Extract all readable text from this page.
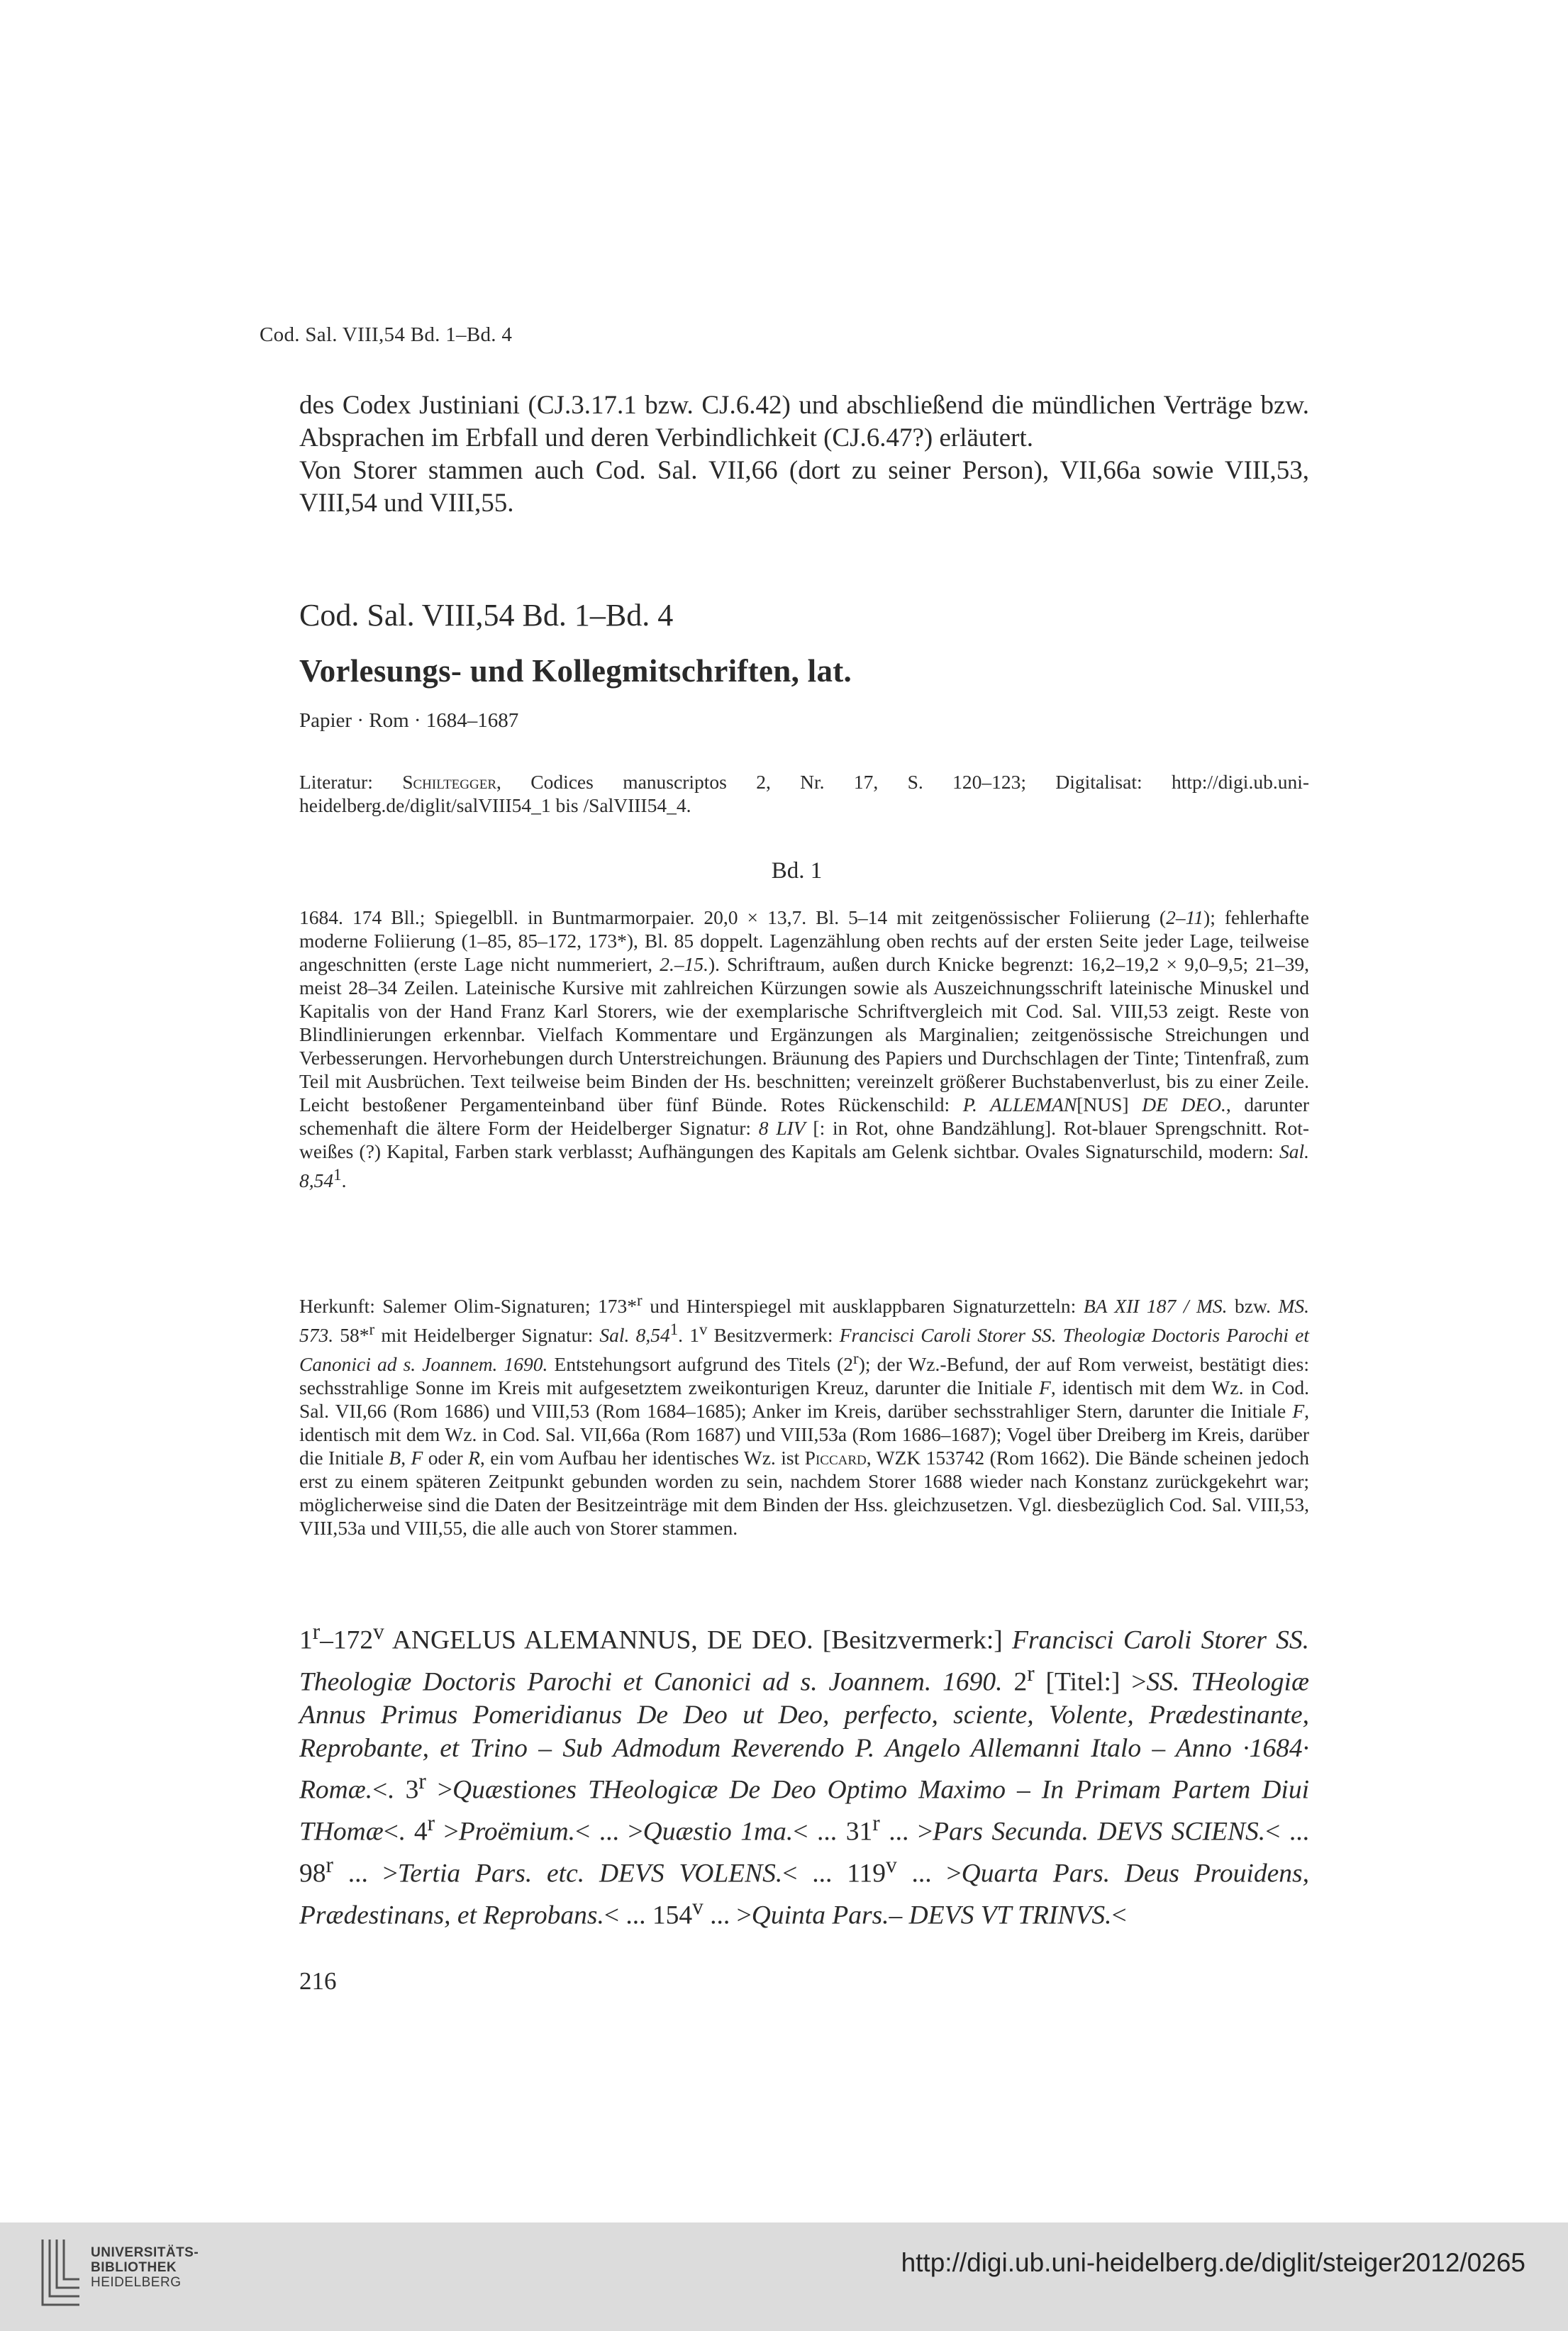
Cod. Sal. VIII,54 Bd. 1–Bd. 4

des Codex Justiniani (CJ.3.17.1 bzw. CJ.6.42) und abschließend die mündlichen Verträge bzw. Absprachen im Erbfall und deren Verbindlichkeit (CJ.6.47?) erläutert.

Von Storer stammen auch Cod. Sal. VII,66 (dort zu seiner Person), VII,66a sowie VIII,53, VIII,54 und VIII,55.

Cod. Sal. VIII,54 Bd. 1–Bd. 4
Vorlesungs- und Kollegmitschriften, lat.
Papier · Rom · 1684–1687
Literatur: Schiltegger, Codices manuscriptos 2, Nr. 17, S. 120–123; Digitalisat: http://digi.ub.uni-heidelberg.de/diglit/salVIII54_1 bis /SalVIII54_4.
Bd. 1
1684. 174 Bll.; Spiegelbll. in Buntmarmorpaier. 20,0 × 13,7. Bl. 5–14 mit zeitgenössischer Foliierung (2–11); fehlerhafte moderne Foliierung (1–85, 85–172, 173*), Bl. 85 doppelt. Lagenzählung oben rechts auf der ersten Seite jeder Lage, teilweise angeschnitten (erste Lage nicht nummeriert, 2.–15.). Schriftraum, außen durch Knicke begrenzt: 16,2–19,2 × 9,0–9,5; 21–39, meist 28–34 Zeilen. Lateinische Kursive mit zahlreichen Kürzungen sowie als Auszeichnungsschrift lateinische Minuskel und Kapitalis von der Hand Franz Karl Storers, wie der exemplarische Schriftvergleich mit Cod. Sal. VIII,53 zeigt. Reste von Blindlinierungen erkennbar. Vielfach Kommentare und Ergänzungen als Marginalien; zeitgenössische Streichungen und Verbesserungen. Hervorhebungen durch Unterstreichungen. Bräunung des Papiers und Durchschlagen der Tinte; Tintenfraß, zum Teil mit Ausbrüchen. Text teilweise beim Binden der Hs. beschnitten; vereinzelt größerer Buchstabenverlust, bis zu einer Zeile. Leicht bestoßener Pergamenteinband über fünf Bünde. Rotes Rückenschild: P. ALLEMAN[NUS] DE DEO., darunter schemenhaft die ältere Form der Heidelberger Signatur: 8 LIV [: in Rot, ohne Bandzählung]. Rot-blauer Sprengschnitt. Rot-weißes (?) Kapital, Farben stark verblasst; Aufhängungen des Kapitals am Gelenk sichtbar. Ovales Signaturschild, modern: Sal. 8,54$^1$.
Herkunft: Salemer Olim-Signaturen; 173*$^r$ und Hinterspiegel mit ausklappbaren Signaturzetteln: BA XII 187 / MS. bzw. MS. 573. 58*$^r$ mit Heidelberger Signatur: Sal. 8,54$^1$. 1$^v$ Besitzvermerk: Francisci Caroli Storer SS. Theologiæ Doctoris Parochi et Canonici ad s. Joannem. 1690. Entstehungsort aufgrund des Titels (2$^r$); der Wz.-Befund, der auf Rom verweist, bestätigt dies: sechsstrahlige Sonne im Kreis mit aufgesetztem zweikonturigen Kreuz, darunter die Initiale F, identisch mit dem Wz. in Cod. Sal. VII,66 (Rom 1686) und VIII,53 (Rom 1684–1685); Anker im Kreis, darüber sechsstrahliger Stern, darunter die Initiale F, identisch mit dem Wz. in Cod. Sal. VII,66a (Rom 1687) und VIII,53a (Rom 1686–1687); Vogel über Dreiberg im Kreis, darüber die Initiale B, F oder R, ein vom Aufbau her identisches Wz. ist Piccard, WZK 153742 (Rom 1662). Die Bände scheinen jedoch erst zu einem späteren Zeitpunkt gebunden worden zu sein, nachdem Storer 1688 wieder nach Konstanz zurückgekehrt war; möglicherweise sind die Daten der Besitzeinträge mit dem Binden der Hss. gleichzusetzen. Vgl. diesbezüglich Cod. Sal. VIII,53, VIII,53a und VIII,55, die alle auch von Storer stammen.
1$^r$–172$^v$ ANGELUS ALEMANNUS, DE DEO. [Besitzvermerk:] Francisci Caroli Storer SS. Theologiæ Doctoris Parochi et Canonici ad s. Joannem. 1690. 2$^r$ [Titel:] >SS. THeologiæ Annus Primus Pomeridianus De Deo ut Deo, perfecto, sciente, Volente, Prædestinante, Reprobante, et Trino – Sub Admodum Reverendo P. Angelo Allemanni Italo – Anno ·1684· Romæ.<. $3^r$ >Quæstiones THeologicæ De Deo Optimo Maximo – In Primam Partem Diui THomæ<. $4^r$ >Proëmium.< ... >Quæstio 1ma.< ... 31$^r$ ... >Pars Secunda. DEVS SCIENS.< ... 98$^r$ ... >Tertia Pars. etc. DEVS VOLENS.< ... 119$^v$ ... >Quarta Pars. Deus Prouidens, Prædestinans, et Reprobans.< ... 154$^v$ ... >Quinta Pars.– DEVS VT TRINVS.<
216
UNIVERSITÄTS-
BIBLIOTHEK
HEIDELBERG
http://digi.ub.uni-heidelberg.de/diglit/steiger2012/0265
